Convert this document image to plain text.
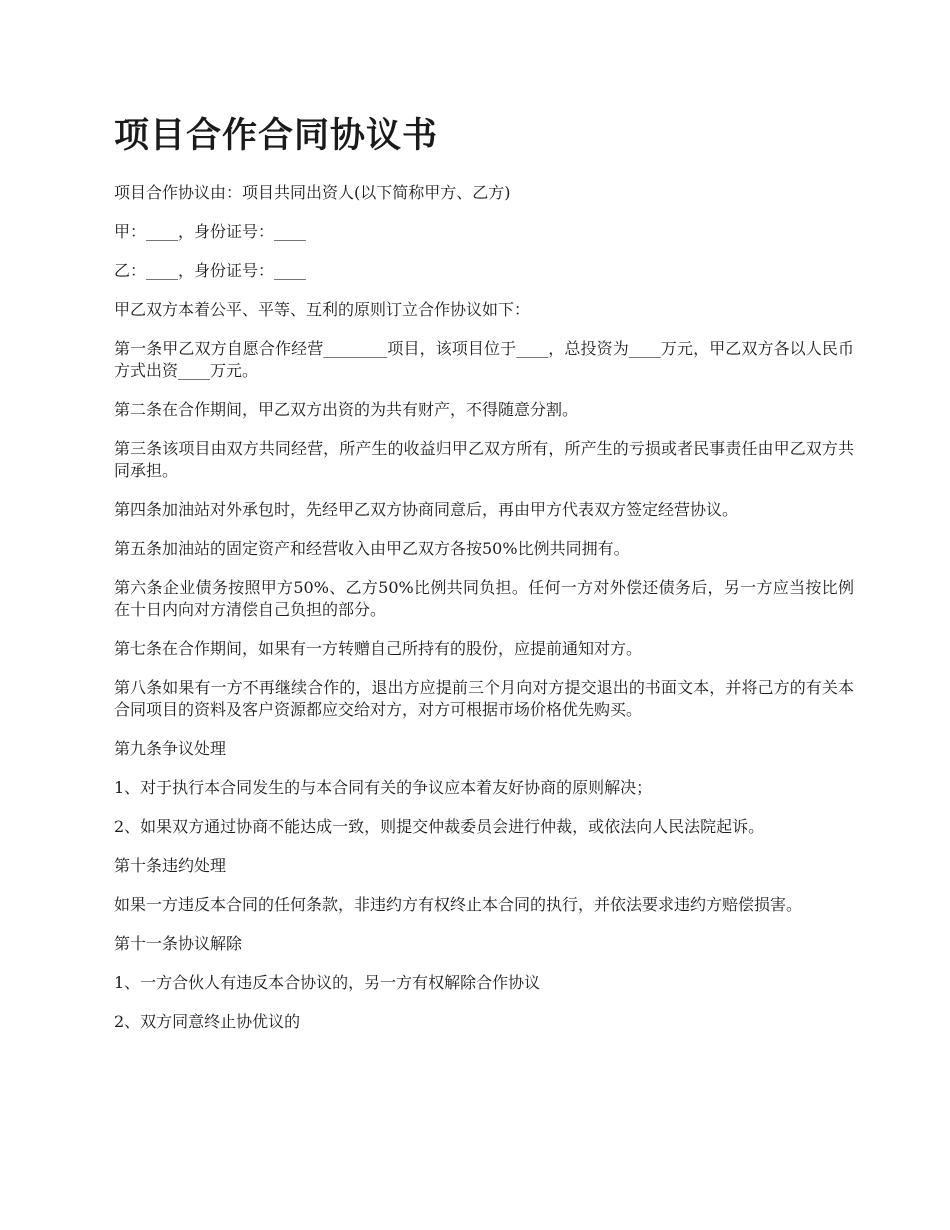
项目合作合同协议书

项目合作协议由：项目共同出资人(以下简称甲方、乙方)

甲：____，身份证号：____

乙：____，身份证号：____

甲乙双方本着公平、平等、互利的原则订立合作协议如下：

第一条甲乙双方自愿合作经营________项目，该项目位于____，总投资为____万元，甲乙双方各以人民币方式出资____万元。

第二条在合作期间，甲乙双方出资的为共有财产，不得随意分割。

第三条该项目由双方共同经营，所产生的收益归甲乙双方所有，所产生的亏损或者民事责任由甲乙双方共同承担。

第四条加油站对外承包时，先经甲乙双方协商同意后，再由甲方代表双方签定经营协议。

第五条加油站的固定资产和经营收入由甲乙双方各按50%比例共同拥有。

第六条企业债务按照甲方50%、乙方50%比例共同负担。任何一方对外偿还债务后，另一方应当按比例在十日内向对方清偿自己负担的部分。

第七条在合作期间，如果有一方转赠自己所持有的股份，应提前通知对方。

第八条如果有一方不再继续合作的，退出方应提前三个月向对方提交退出的书面文本，并将己方的有关本合同项目的资料及客户资源都应交给对方，对方可根据市场价格优先购买。

第九条争议处理

1、对于执行本合同发生的与本合同有关的争议应本着友好协商的原则解决；

2、如果双方通过协商不能达成一致，则提交仲裁委员会进行仲裁，或依法向人民法院起诉。

第十条违约处理

如果一方违反本合同的任何条款，非违约方有权终止本合同的执行，并依法要求违约方赔偿损害。

第十一条协议解除

1、一方合伙人有违反本合协议的，另一方有权解除合作协议

2、双方同意终止协优议的
